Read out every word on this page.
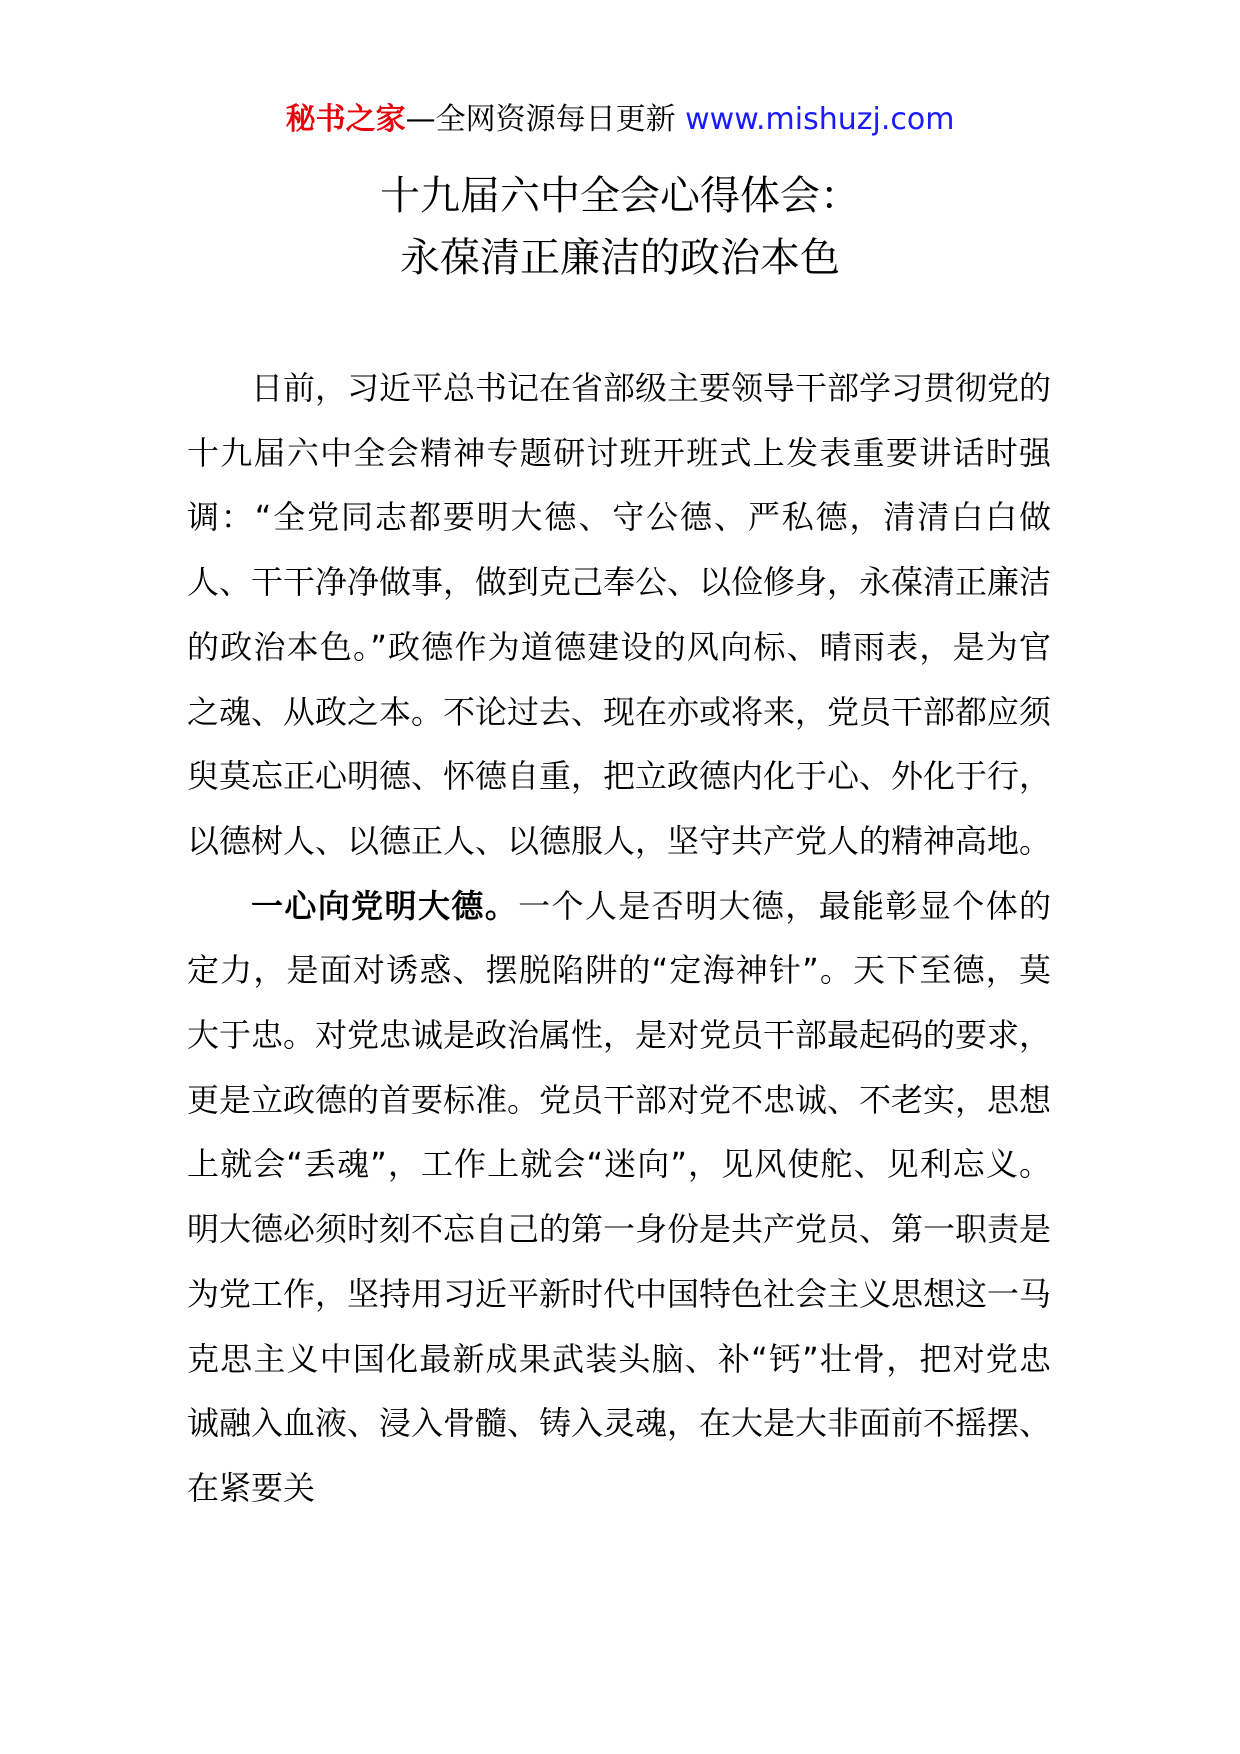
秘书之家—全网资源每日更新 www.mishuzj.com
十九届六中全会心得体会：
永葆清正廉洁的政治本色

日前，习近平总书记在省部级主要领导干部学习贯彻党的十九届六中全会精神专题研讨班开班式上发表重要讲话时强调：“全党同志都要明大德、守公德、严私德，清清白白做人、干干净净做事，做到克己奉公、以俭修身，永葆清正廉洁的政治本色。”政德作为道德建设的风向标、晴雨表，是为官之魂、从政之本。不论过去、现在亦或将来，党员干部都应须臾莫忘正心明德、怀德自重，把立政德内化于心、外化于行，以德树人、以德正人、以德服人，坚守共产党人的精神高地。

一心向党明大德。一个人是否明大德，最能彰显个体的定力，是面对诱惑、摆脱陷阱的“定海神针”。天下至德，莫大于忠。对党忠诚是政治属性，是对党员干部最起码的要求，更是立政德的首要标准。党员干部对党不忠诚、不老实，思想上就会“丢魂”，工作上就会“迷向”，见风使舵、见利忘义。明大德必须时刻不忘自己的第一身份是共产党员、第一职责是为党工作，坚持用习近平新时代中国特色社会主义思想这一马克思主义中国化最新成果武装头脑、补“钙”壮骨，把对党忠诚融入血液、浸入骨髓、铸入灵魂，在大是大非面前不摇摆、在紧要关
